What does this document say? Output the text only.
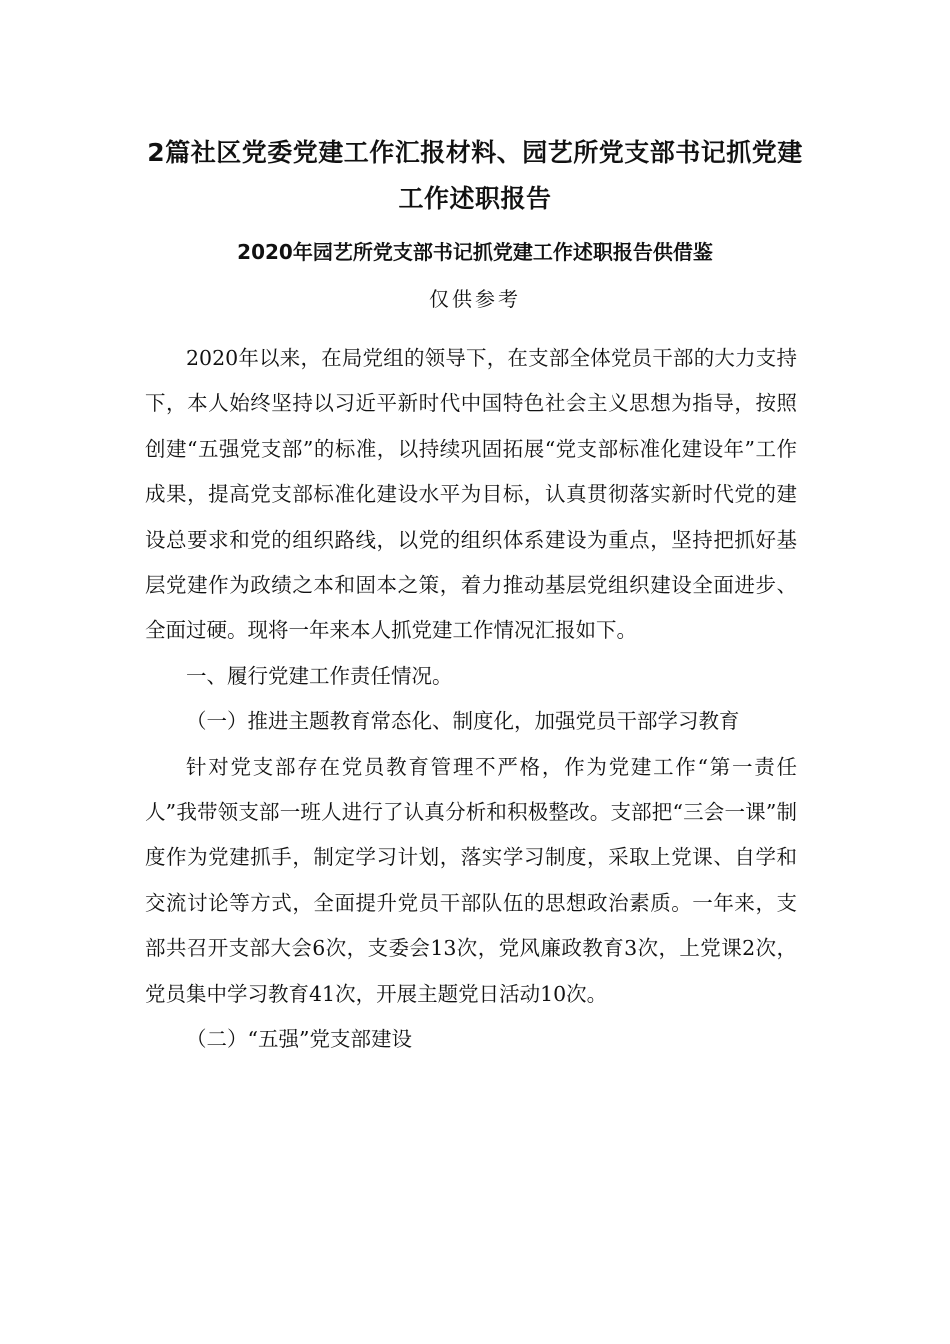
2篇社区党委党建工作汇报材料、园艺所党支部书记抓党建工作述职报告
2020年园艺所党支部书记抓党建工作述职报告供借鉴
仅供参考

2020年以来，在局党组的领导下，在支部全体党员干部的大力支持下，本人始终坚持以习近平新时代中国特色社会主义思想为指导，按照创建“五强党支部”的标准，以持续巩固拓展“党支部标准化建设年”工作成果，提高党支部标准化建设水平为目标，认真贯彻落实新时代党的建设总要求和党的组织路线，以党的组织体系建设为重点，坚持把抓好基层党建作为政绩之本和固本之策，着力推动基层党组织建设全面进步、全面过硬。现将一年来本人抓党建工作情况汇报如下。

一、履行党建工作责任情况。

（一）推进主题教育常态化、制度化，加强党员干部学习教育

针对党支部存在党员教育管理不严格，作为党建工作“第一责任人”我带领支部一班人进行了认真分析和积极整改。支部把“三会一课”制度作为党建抓手，制定学习计划，落实学习制度，采取上党课、自学和交流讨论等方式，全面提升党员干部队伍的思想政治素质。一年来，支部共召开支部大会6次，支委会13次，党风廉政教育3次，上党课2次，党员集中学习教育41次，开展主题党日活动10次。

（二）“五强”党支部建设
